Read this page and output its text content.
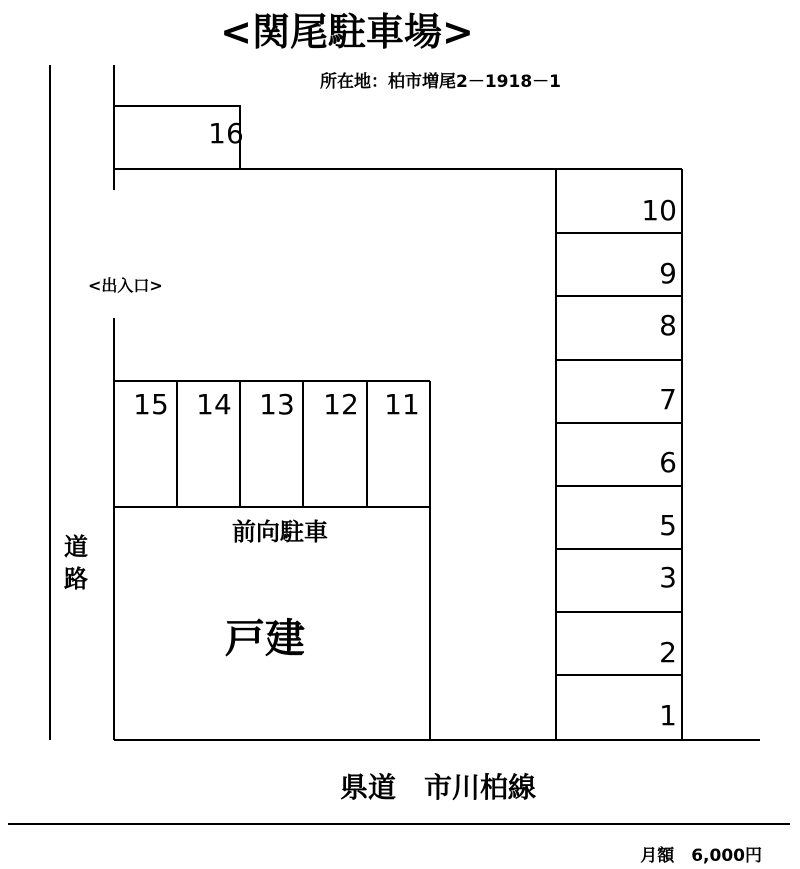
<関尾駐車場>
所在地：柏市増尾2－1918－1
16
15 14 13 12 11
10
9
8
7
6
5
3
2
1
<出入口>
道
路
前向駐車
戸建
県道　市川柏線
月額　6,000円
